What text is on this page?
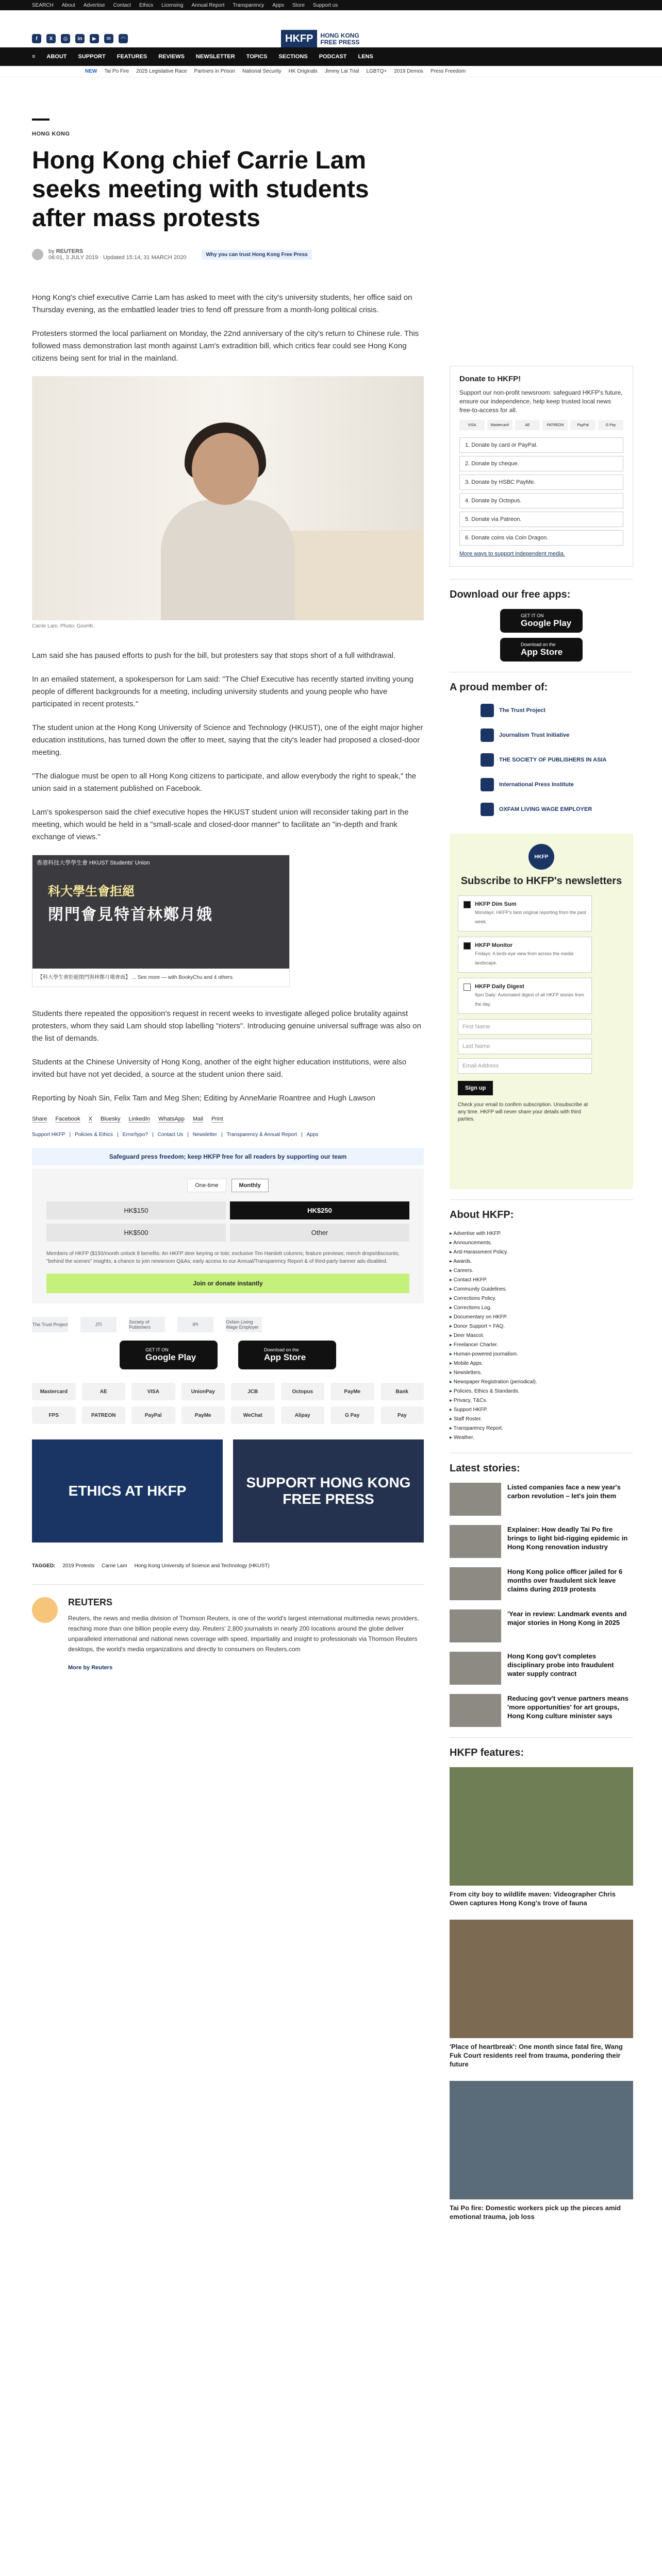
SEARCH About Advertise Contact Ethics Licensing Annual Report Transparency Apps Store Support us
f	X	◎	in	▶	✉	◠	HKFP	HONG KONG
FREE PRESS
≡ ABOUT SUPPORT FEATURES REVIEWS NEWSLETTER TOPICS SECTIONS PODCAST LENS
NEW Tai Po Fire 2025 Legislative Race Partners in Prison National Security HK Originals Jimmy Lai Trial LGBTQ+ 2019 Demos Press Freedom
HONG KONG
Hong Kong chief Carrie Lam seeks meeting with students after mass protests
by REUTERS
06:01, 3 JULY 2019 · Updated 15:14, 31 MARCH 2020	Why you can trust Hong Kong Free Press

Hong Kong's chief executive Carrie Lam has asked to meet with the city's university students, her office said on Thursday evening, as the embattled leader tries to fend off pressure from a month-long political crisis.

Protesters stormed the local parliament on Monday, the 22nd anniversary of the city's return to Chinese rule. This followed mass demonstration last month against Lam's extradition bill, which critics fear could see Hong Kong citizens being sent for trial in the mainland.

Carrie Lam. Photo: GovHK.

Lam said she has paused efforts to push for the bill, but protesters say that stops short of a full withdrawal.

In an emailed statement, a spokesperson for Lam said: "The Chief Executive has recently started inviting young people of different backgrounds for a meeting, including university students and young people who have participated in recent protests."

The student union at the Hong Kong University of Science and Technology (HKUST), one of the eight major higher education institutions, has turned down the offer to meet, saying that the city's leader had proposed a closed-door meeting.

"The dialogue must be open to all Hong Kong citizens to participate, and allow everybody the right to speak," the union said in a statement published on Facebook.

Lam's spokesperson said the chief executive hopes the HKUST student union will reconsider taking part in the meeting, which would be held in a "small-scale and closed-door manner" to facilitate an "in-depth and frank exchange of views."

香港科技大學學生會 HKUST Students' Union
科大學生會拒絕
閉門會見特首林鄭月娥
【科大學生會拒絕閉門與林鄭月娥會面】 ... See more — with BookyChu and 4 others.

Students there repeated the opposition's request in recent weeks to investigate alleged police brutality against protesters, whom they said Lam should stop labelling "rioters". Introducing genuine universal suffrage was also on the list of demands.

Students at the Chinese University of Hong Kong, another of the eight higher education institutions, were also invited but have not yet decided, a source at the student union there said.

Reporting by Noah Sin, Felix Tam and Meg Shen; Editing by AnneMarie Roantree and Hugh Lawson

Share Facebook X Bluesky LinkedIn WhatsApp Mail Print
Support HKFP | Policies & Ethics | Error/typo? | Contact Us | Newsletter | Transparency & Annual Report | Apps
Safeguard press freedom; keep HKFP free for all readers by supporting our team
One-time	Monthly
HK$150	HK$250
HK$500	Other
Members of HKFP ($150/month unlock 8 benefits: An HKFP deer keyring or tote; exclusive Tim Hamlett columns; feature previews; merch drops/discounts; "behind the scenes" insights; a chance to join newsroom Q&As; early access to our Annual/Transparency Report & of third-party banner ads disabled.
Join or donate instantly
The Trust Project	JTI	Society of Publishers	IPI	Oxfam Living Wage Employer
GET IT ON
Google Play
Download on the
App Store
Mastercard	AE	VISA	UnionPay	JCB	Octopus	PayMe	Bank
FPS	PATREON	PayPal	PayMe	WeChat	Alipay	G Pay	Pay
ETHICS AT HKFP
SUPPORT HONG KONG FREE PRESS
TAGGED: 2019 Protests Carrie Lam Hong Kong University of Science and Technology (HKUST)
REUTERS

Reuters, the news and media division of Thomson Reuters, is one of the world's largest international multimedia news providers, reaching more than one billion people every day. Reuters' 2,800 journalists in nearly 200 locations around the globe deliver unparalleled international and national news coverage with speed, impartiality and insight to professionals via Thomson Reuters desktops, the world's media organizations and directly to consumers on Reuters.com

More by Reuters
Donate to HKFP!

Support our non-profit newsroom: safeguard HKFP's future, ensure our independence, help keep trusted local news free-to-access for all.

VISA	Mastercard	AE	PATREON	PayPal	G Pay
1. Donate by card or PayPal.
2. Donate by cheque.
3. Donate by HSBC PayMe.
4. Donate by Octopus.
5. Donate via Patreon.
6. Donate coins via Coin Dragon.
More ways to support independent media.
Download our free apps:
GET IT ON
Google Play
Download on the
App Store
A proud member of:
The Trust Project
Journalism Trust Initiative
THE SOCIETY OF PUBLISHERS IN ASIA
International Press Institute
OXFAM LIVING WAGE EMPLOYER
HKFP
Subscribe to HKFP's newsletters
HKFP Dim Sum
Mondays: HKFP's best original reporting from the past week.
HKFP Monitor
Fridays: A birds-eye view from across the media landscape.
HKFP Daily Digest
9pm Daily: Automated digest of all HKFP stories from the day.
First Name
Last Name
Email Address
Sign up
Check your email to confirm subscription. Unsubscribe at any time. HKFP will never share your details with third parties.
About HKFP:
▸ Advertise with HKFP.
▸ Announcements.
▸ Anti-Harassment Policy.
▸ Awards.
▸ Careers.
▸ Contact HKFP.
▸ Community Guidelines.
▸ Corrections Policy.
▸ Corrections Log.
▸ Documentary on HKFP.
▸ Donor Support + FAQ.
▸ Deer Mascot.
▸ Freelancer Charter.
▸ Human-powered journalism.
▸ Mobile Apps.
▸ Newsletters.
▸ Newspaper Registration (periodical).
▸ Policies, Ethics & Standards.
▸ Privacy, T&Cs.
▸ Support HKFP.
▸ Staff Roster.
▸ Transparency Report.
▸ Weather.
Latest stories:
Listed companies face a new year's carbon revolution – let's join them
Explainer: How deadly Tai Po fire brings to light bid-rigging epidemic in Hong Kong renovation industry
Hong Kong police officer jailed for 6 months over fraudulent sick leave claims during 2019 protests
'Year in review: Landmark events and major stories in Hong Kong in 2025
Hong Kong gov't completes disciplinary probe into fraudulent water supply contract
Reducing gov't venue partners means 'more opportunities' for art groups, Hong Kong culture minister says
HKFP features:
From city boy to wildlife maven: Videographer Chris Owen captures Hong Kong's trove of fauna
'Place of heartbreak': One month since fatal fire, Wang Fuk Court residents reel from trauma, pondering their future
Tai Po fire: Domestic workers pick up the pieces amid emotional trauma, job loss
